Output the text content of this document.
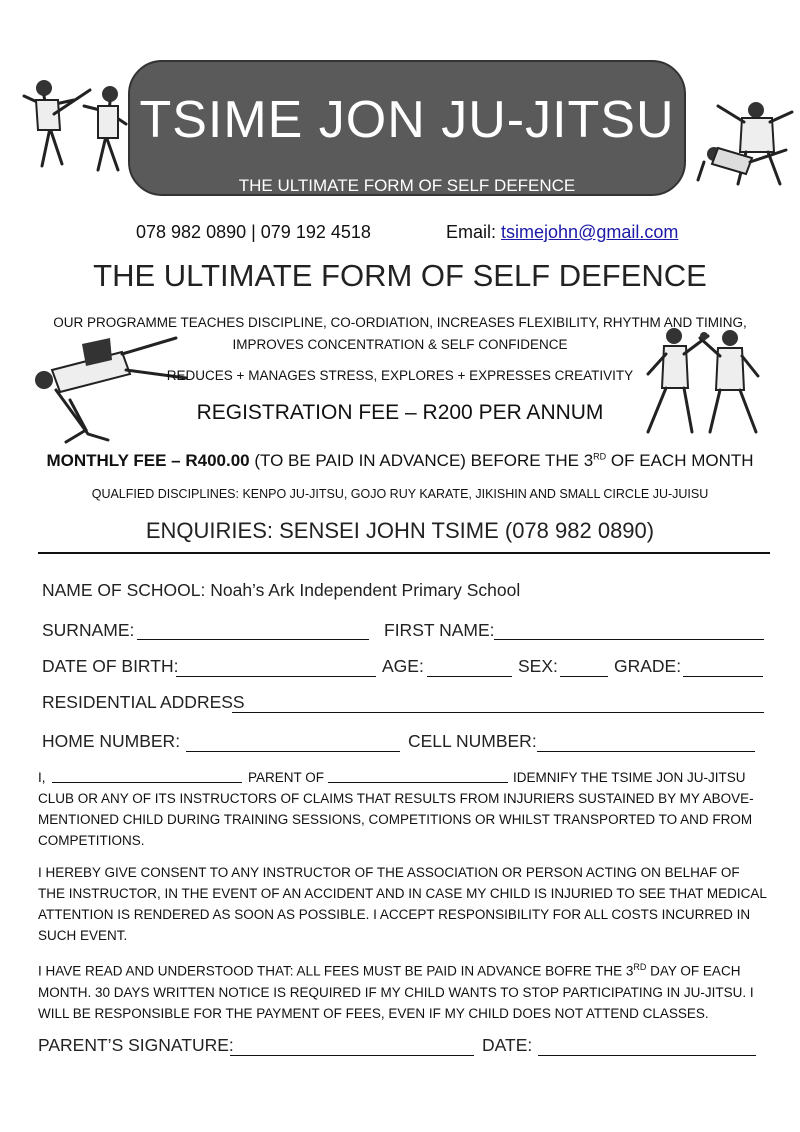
TSIME JON JU-JITSU
THE ULTIMATE FORM OF SELF DEFENCE
078 982 0890 | 079 192 4518	Email: tsimejohn@gmail.com
THE ULTIMATE FORM OF SELF DEFENCE
OUR PROGRAMME TEACHES DISCIPLINE, CO-ORDIATION, INCREASES FLEXIBILITY, RHYTHM AND TIMING,
IMPROVES CONCENTRATION & SELF CONFIDENCE
REDUCES + MANAGES STRESS, EXPLORES + EXPRESSES CREATIVITY
REGISTRATION FEE – R200 PER ANNUM
MONTHLY FEE – R400.00 (TO BE PAID IN ADVANCE) BEFORE THE 3RD OF EACH MONTH
QUALFIED DISCIPLINES: KENPO JU-JITSU, GOJO RUY KARATE, JIKISHIN AND SMALL CIRCLE JU-JUISU
ENQUIRIES: SENSEI JOHN TSIME (078 982 0890)
NAME OF SCHOOL: Noah’s Ark Independent Primary School
SURNAME:	FIRST NAME:
DATE OF BIRTH:	AGE:	SEX:	GRADE:
RESIDENTIAL ADDRESS
HOME NUMBER:	CELL NUMBER:
I,	PARENT OF	IDEMNIFY THE TSIME JON JU-JITSU
CLUB OR ANY OF ITS INSTRUCTORS OF CLAIMS THAT RESULTS FROM INJURIERS SUSTAINED BY MY ABOVE-MENTIONED CHILD DURING TRAINING SESSIONS, COMPETITIONS OR WHILST TRANSPORTED TO AND FROM COMPETITIONS.
I HEREBY GIVE CONSENT TO ANY INSTRUCTOR OF THE ASSOCIATION OR PERSON ACTING ON BELHAF OF THE INSTRUCTOR, IN THE EVENT OF AN ACCIDENT AND IN CASE MY CHILD IS INJURIED TO SEE THAT MEDICAL ATTENTION IS RENDERED AS SOON AS POSSIBLE. I ACCEPT RESPONSIBILITY FOR ALL COSTS INCURRED IN SUCH EVENT.
I HAVE READ AND UNDERSTOOD THAT: ALL FEES MUST BE PAID IN ADVANCE BOFRE THE 3RD DAY OF EACH MONTH. 30 DAYS WRITTEN NOTICE IS REQUIRED IF MY CHILD WANTS TO STOP PARTICIPATING IN JU-JITSU. I WILL BE RESPONSIBLE FOR THE PAYMENT OF FEES, EVEN IF MY CHILD DOES NOT ATTEND CLASSES.
PARENT’S SIGNATURE:	DATE:
